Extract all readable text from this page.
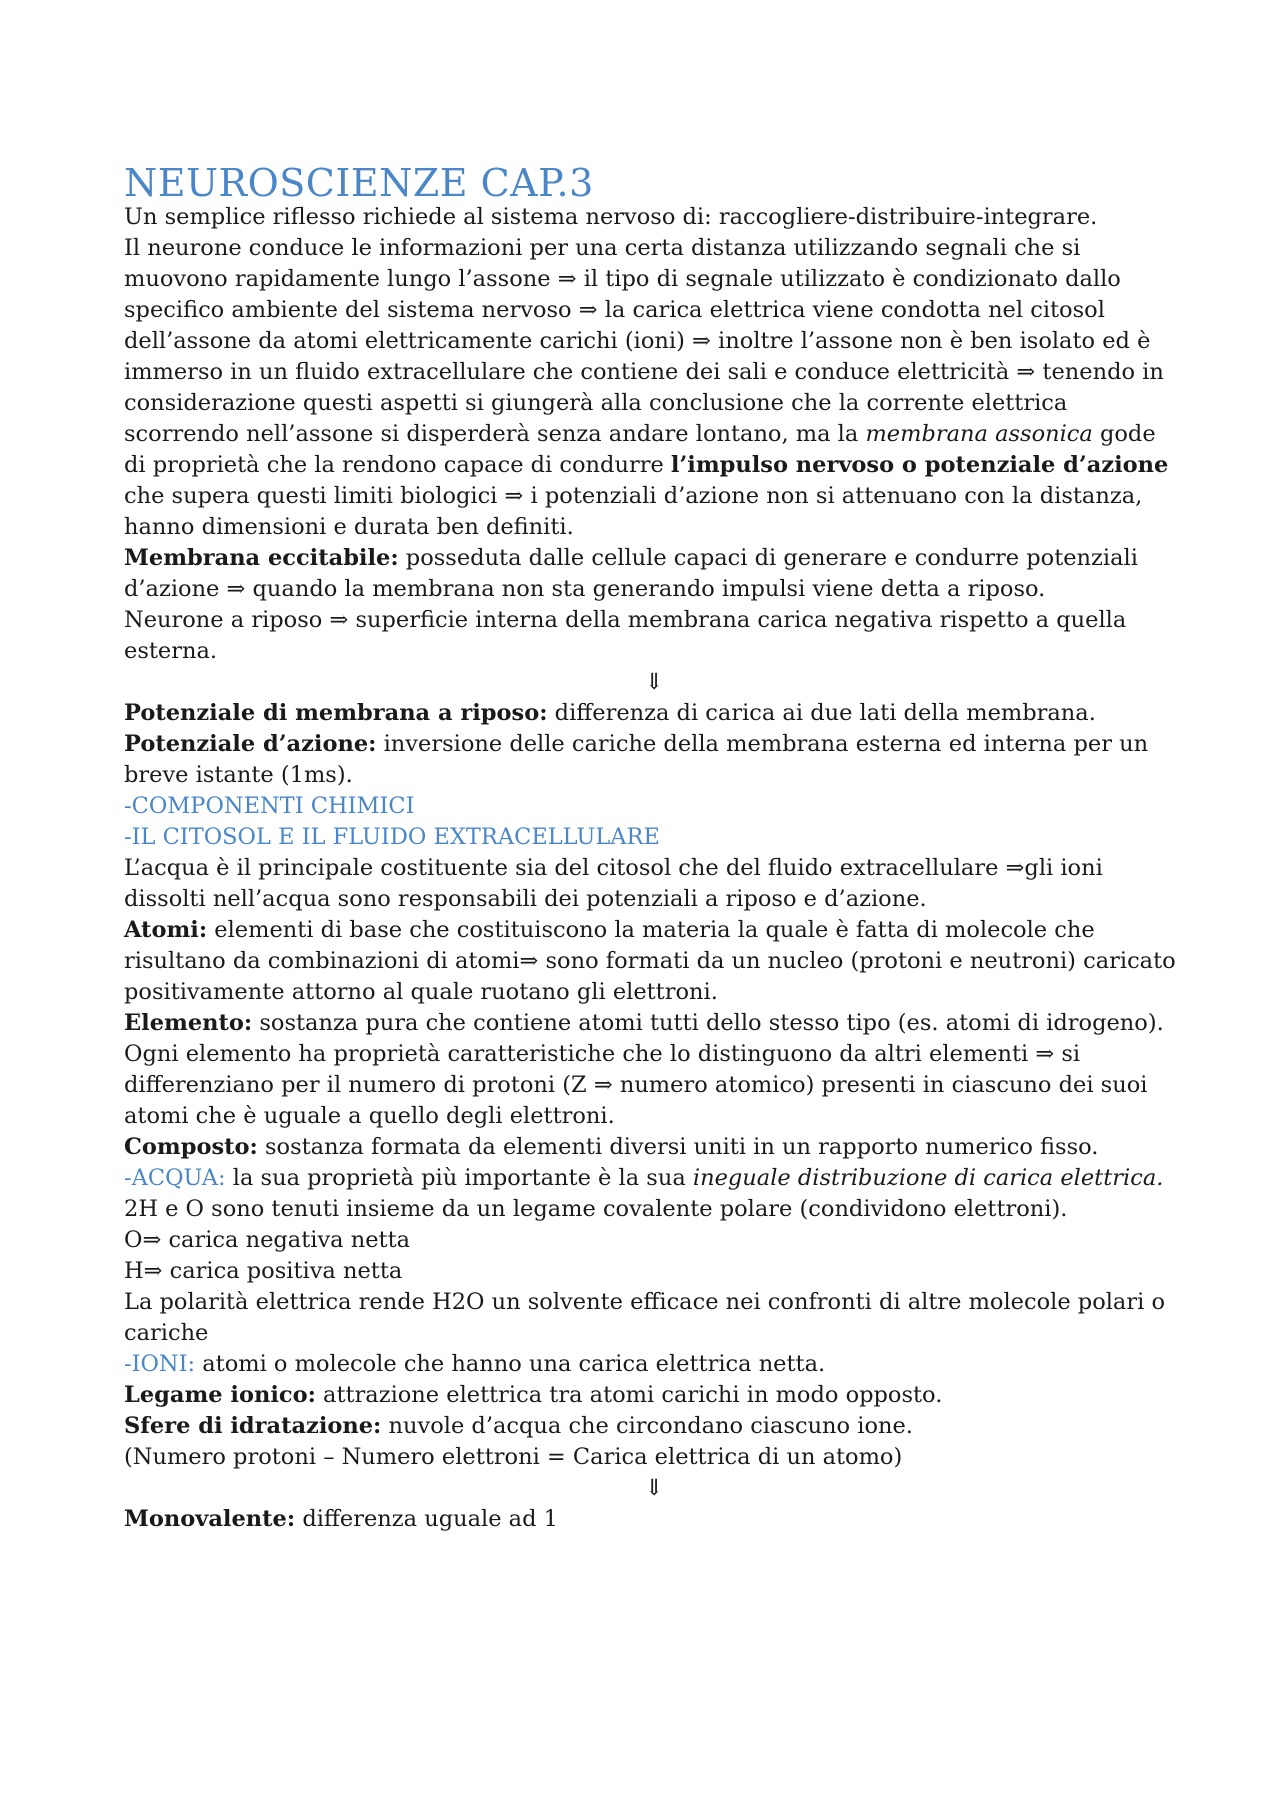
NEUROSCIENZE CAP.3

Un semplice riflesso richiede al sistema nervoso di: raccogliere-distribuire-integrare.

Il neurone conduce le informazioni per una certa distanza utilizzando segnali che si muovono rapidamente lungo l’assone ⇒ il tipo di segnale utilizzato è condizionato dallo specifico ambiente del sistema nervoso ⇒ la carica elettrica viene condotta nel citosol dell’assone da atomi elettricamente carichi (ioni) ⇒ inoltre l’assone non è ben isolato ed è immerso in un fluido extracellulare che contiene dei sali e conduce elettricità ⇒ tenendo in considerazione questi aspetti si giungerà alla conclusione che la corrente elettrica scorrendo nell’assone si disperderà senza andare lontano, ma la membrana assonica gode di proprietà che la rendono capace di condurre l’impulso nervoso o potenziale d’azione che supera questi limiti biologici ⇒ i potenziali d’azione non si attenuano con la distanza, hanno dimensioni e durata ben definiti.

Membrana eccitabile: posseduta dalle cellule capaci di generare e condurre potenziali d’azione ⇒ quando la membrana non sta generando impulsi viene detta a riposo.

Neurone a riposo ⇒ superficie interna della membrana carica negativa rispetto a quella esterna.

⇓

Potenziale di membrana a riposo: differenza di carica ai due lati della membrana.

Potenziale d’azione: inversione delle cariche della membrana esterna ed interna per un breve istante (1ms).

-COMPONENTI CHIMICI

-IL CITOSOL E IL FLUIDO EXTRACELLULARE

L’acqua è il principale costituente sia del citosol che del fluido extracellulare ⇒gli ioni dissolti nell’acqua sono responsabili dei potenziali a riposo e d’azione.

Atomi: elementi di base che costituiscono la materia la quale è fatta di molecole che risultano da combinazioni di atomi⇒ sono formati da un nucleo (protoni e neutroni) caricato positivamente attorno al quale ruotano gli elettroni.

Elemento: sostanza pura che contiene atomi tutti dello stesso tipo (es. atomi di idrogeno). Ogni elemento ha proprietà caratteristiche che lo distinguono da altri elementi ⇒ si differenziano per il numero di protoni (Z ⇒ numero atomico) presenti in ciascuno dei suoi atomi che è uguale a quello degli elettroni.

Composto: sostanza formata da elementi diversi uniti in un rapporto numerico fisso.

-ACQUA: la sua proprietà più importante è la sua ineguale distribuzione di carica elettrica. 2H e O sono tenuti insieme da un legame covalente polare (condividono elettroni).

O⇒ carica negativa netta

H⇒ carica positiva netta

La polarità elettrica rende H2O un solvente efficace nei confronti di altre molecole polari o cariche

-IONI: atomi o molecole che hanno una carica elettrica netta.

Legame ionico: attrazione elettrica tra atomi carichi in modo opposto.

Sfere di idratazione: nuvole d’acqua che circondano ciascuno ione.

(Numero protoni – Numero elettroni = Carica elettrica di un atomo)

⇓

Monovalente: differenza uguale ad 1
